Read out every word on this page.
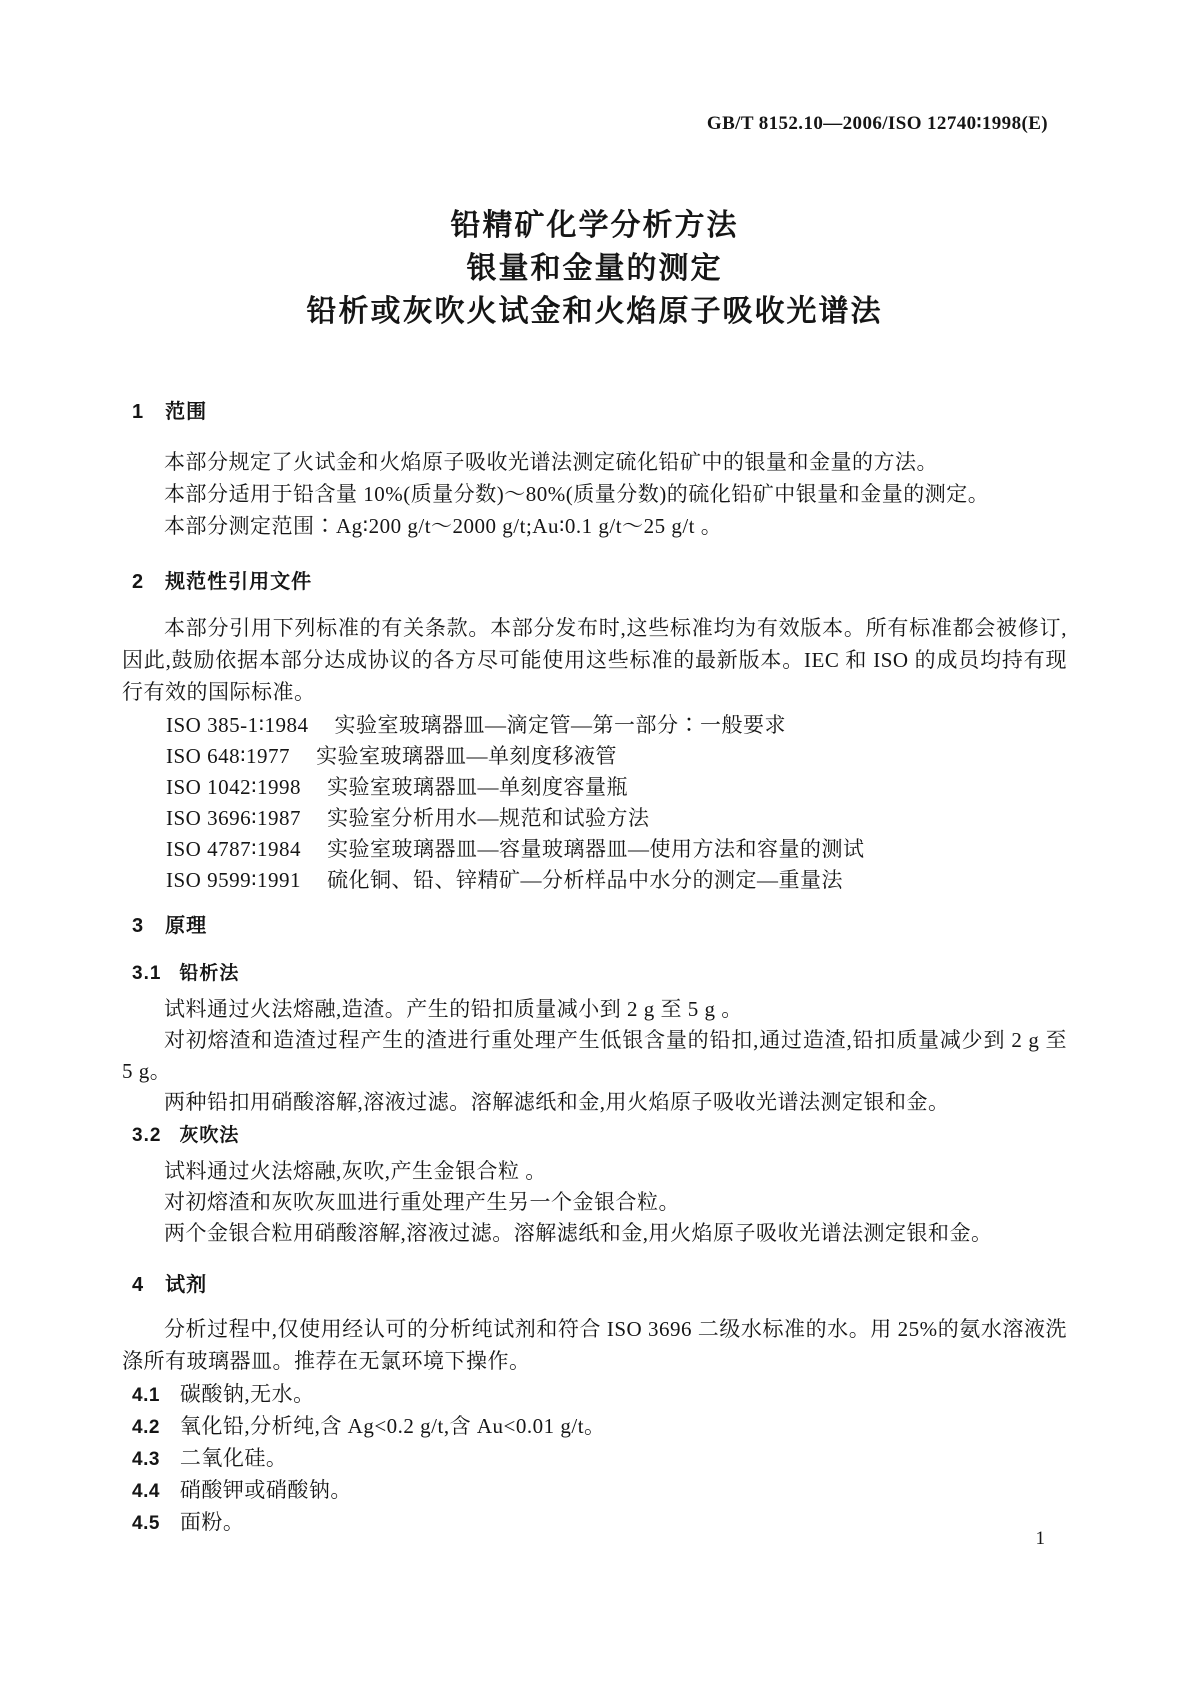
GB/T 8152.10—2006/ISO 12740∶1998(E)
铅精矿化学分析方法
银量和金量的测定
铅析或灰吹火试金和火焰原子吸收光谱法
1 范围

本部分规定了火试金和火焰原子吸收光谱法测定硫化铅矿中的银量和金量的方法。

本部分适用于铅含量 10%(质量分数)～80%(质量分数)的硫化铅矿中银量和金量的测定。

本部分测定范围∶Ag∶200 g/t～2000 g/t;Au∶0.1 g/t～25 g/t 。

2 规范性引用文件

本部分引用下列标准的有关条款。本部分发布时,这些标准均为有效版本。所有标准都会被修订,因此,鼓励依据本部分达成协议的各方尽可能使用这些标准的最新版本。IEC 和 ISO 的成员均持有现行有效的国际标准。

ISO 385-1∶1984 实验室玻璃器皿—滴定管—第一部分∶一般要求
ISO 648∶1977 实验室玻璃器皿—单刻度移液管
ISO 1042∶1998 实验室玻璃器皿—单刻度容量瓶
ISO 3696∶1987 实验室分析用水—规范和试验方法
ISO 4787∶1984 实验室玻璃器皿—容量玻璃器皿—使用方法和容量的测试
ISO 9599∶1991 硫化铜、铅、锌精矿—分析样品中水分的测定—重量法
3 原理
3.1 铅析法

试料通过火法熔融,造渣。产生的铅扣质量减小到 2 g 至 5 g 。

对初熔渣和造渣过程产生的渣进行重处理产生低银含量的铅扣,通过造渣,铅扣质量减少到 2 g 至 5 g。

两种铅扣用硝酸溶解,溶液过滤。溶解滤纸和金,用火焰原子吸收光谱法测定银和金。

3.2 灰吹法

试料通过火法熔融,灰吹,产生金银合粒 。

对初熔渣和灰吹灰皿进行重处理产生另一个金银合粒。

两个金银合粒用硝酸溶解,溶液过滤。溶解滤纸和金,用火焰原子吸收光谱法测定银和金。

4 试剂

分析过程中,仅使用经认可的分析纯试剂和符合 ISO 3696 二级水标准的水。用 25%的氨水溶液洗涤所有玻璃器皿。推荐在无氯环境下操作。

4.1 碳酸钠,无水。
4.2 氧化铅,分析纯,含 Ag<0.2 g/t,含 Au<0.01 g/t。
4.3 二氧化硅。
4.4 硝酸钾或硝酸钠。
4.5 面粉。
1
